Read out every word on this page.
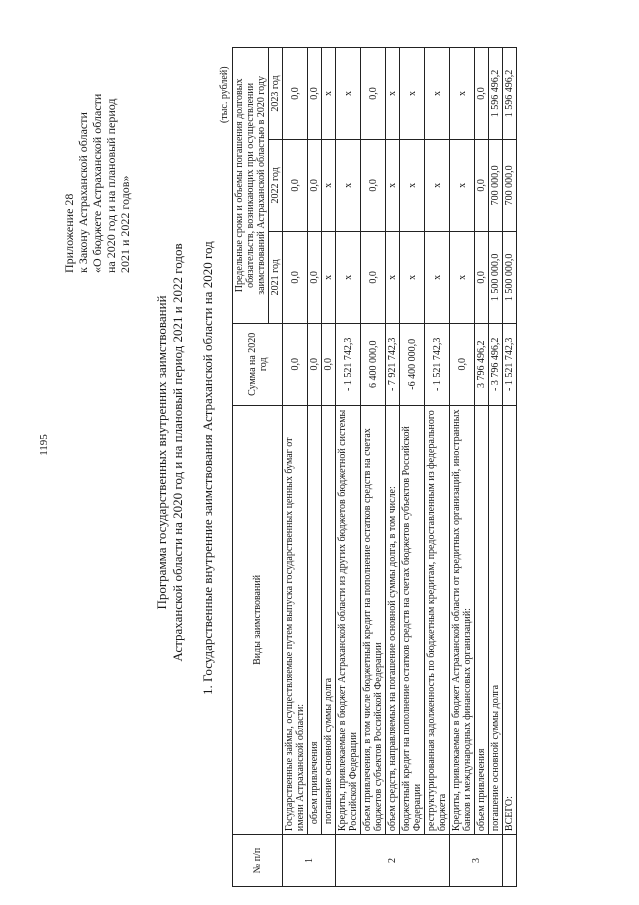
1195
Приложение 28 к Закону Астраханской области «О бюджете Астраханской области на 2020 год и на плановый период 2021 и 2022 годов»
Программа государственных внутренних заимствований Астраханской области на 2020 год и на плановый период 2021 и 2022 годов 1. Государственные внутренние заимствования Астраханской области на 2020 год
(тыс. рублей)
№ п/п	Виды заимствований	Сумма на 2020 год	Предельные сроки и объемы погашения долговых обязательств, возникающих при осуществлении заимствований Астраханской областью в 2020 году		
			2021 год	2022 год	2023 год
1	Государственные займы, осуществляемые путем выпуска государственных ценных бумаг от имени Астраханской области:	0,0	0,0	0,0	0,0
	объем привлечения	0,0	0,0	0,0	0,0
	погашение основной суммы долга	0,0	х	х	х
2	Кредиты, привлекаемые в бюджет Астраханской области из других бюджетов бюджетной системы Российской Федерации	- 1 521 742,3	х	х	х
	объем привлечения, в том числе бюджетный кредит на пополнение остатков средств на счетах бюджетов субъектов Российской Федерации	6 400 000,0	0,0	0,0	0,0
	объем средств, направляемых на погашение основной суммы долга, в том числе:	- 7 921 742,3	х	х	х
	бюджетный кредит на пополнение остатков средств на счетах бюджетов субъектов Российской Федерации	-6 400 000,0	х	х	х
	реструктурированная задолженность по бюджетным кредитам, предоставленным из федерального бюджета	- 1 521 742,3	х	х	х
3	Кредиты, привлекаемые в бюджет Астраханской области от кредитных организаций, иностранных банков и международных финансовых организаций:	0,0	х	х	х
	объем привлечения	3 796 496,2	0,0	0,0	0,0
	погашение основной суммы долга	- 3 796 496,2	1 500 000,0	700 000,0	1 596 496,2
	ВСЕГО:	- 1 521 742,3	1 500 000,0	700 000,0	1 596 496,2
